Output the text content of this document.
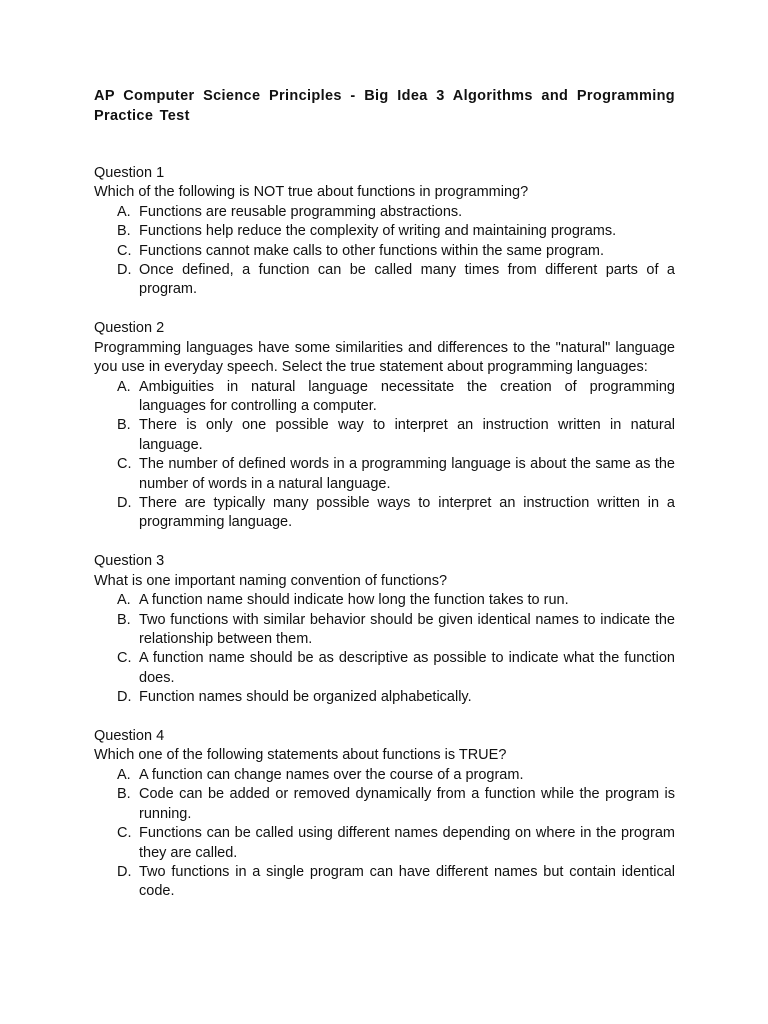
AP Computer Science Principles - Big Idea 3 Algorithms and Programming Practice Test

Question 1

Which of the following is NOT true about functions in programming?

A. Functions are reusable programming abstractions.
B. Functions help reduce the complexity of writing and maintaining programs.
C. Functions cannot make calls to other functions within the same program.
D. Once defined, a function can be called many times from different parts of a program.

Question 2

Programming languages have some similarities and differences to the "natural" language you use in everyday speech. Select the true statement about programming languages:

A. Ambiguities in natural language necessitate the creation of programming languages for controlling a computer.
B. There is only one possible way to interpret an instruction written in natural language.
C. The number of defined words in a programming language is about the same as the number of words in a natural language.
D. There are typically many possible ways to interpret an instruction written in a programming language.

Question 3

What is one important naming convention of functions?

A. A function name should indicate how long the function takes to run.
B. Two functions with similar behavior should be given identical names to indicate the relationship between them.
C. A function name should be as descriptive as possible to indicate what the function does.
D. Function names should be organized alphabetically.

Question 4

Which one of the following statements about functions is TRUE?

A. A function can change names over the course of a program.
B. Code can be added or removed dynamically from a function while the program is running.
C. Functions can be called using different names depending on where in the program they are called.
D. Two functions in a single program can have different names but contain identical code.
